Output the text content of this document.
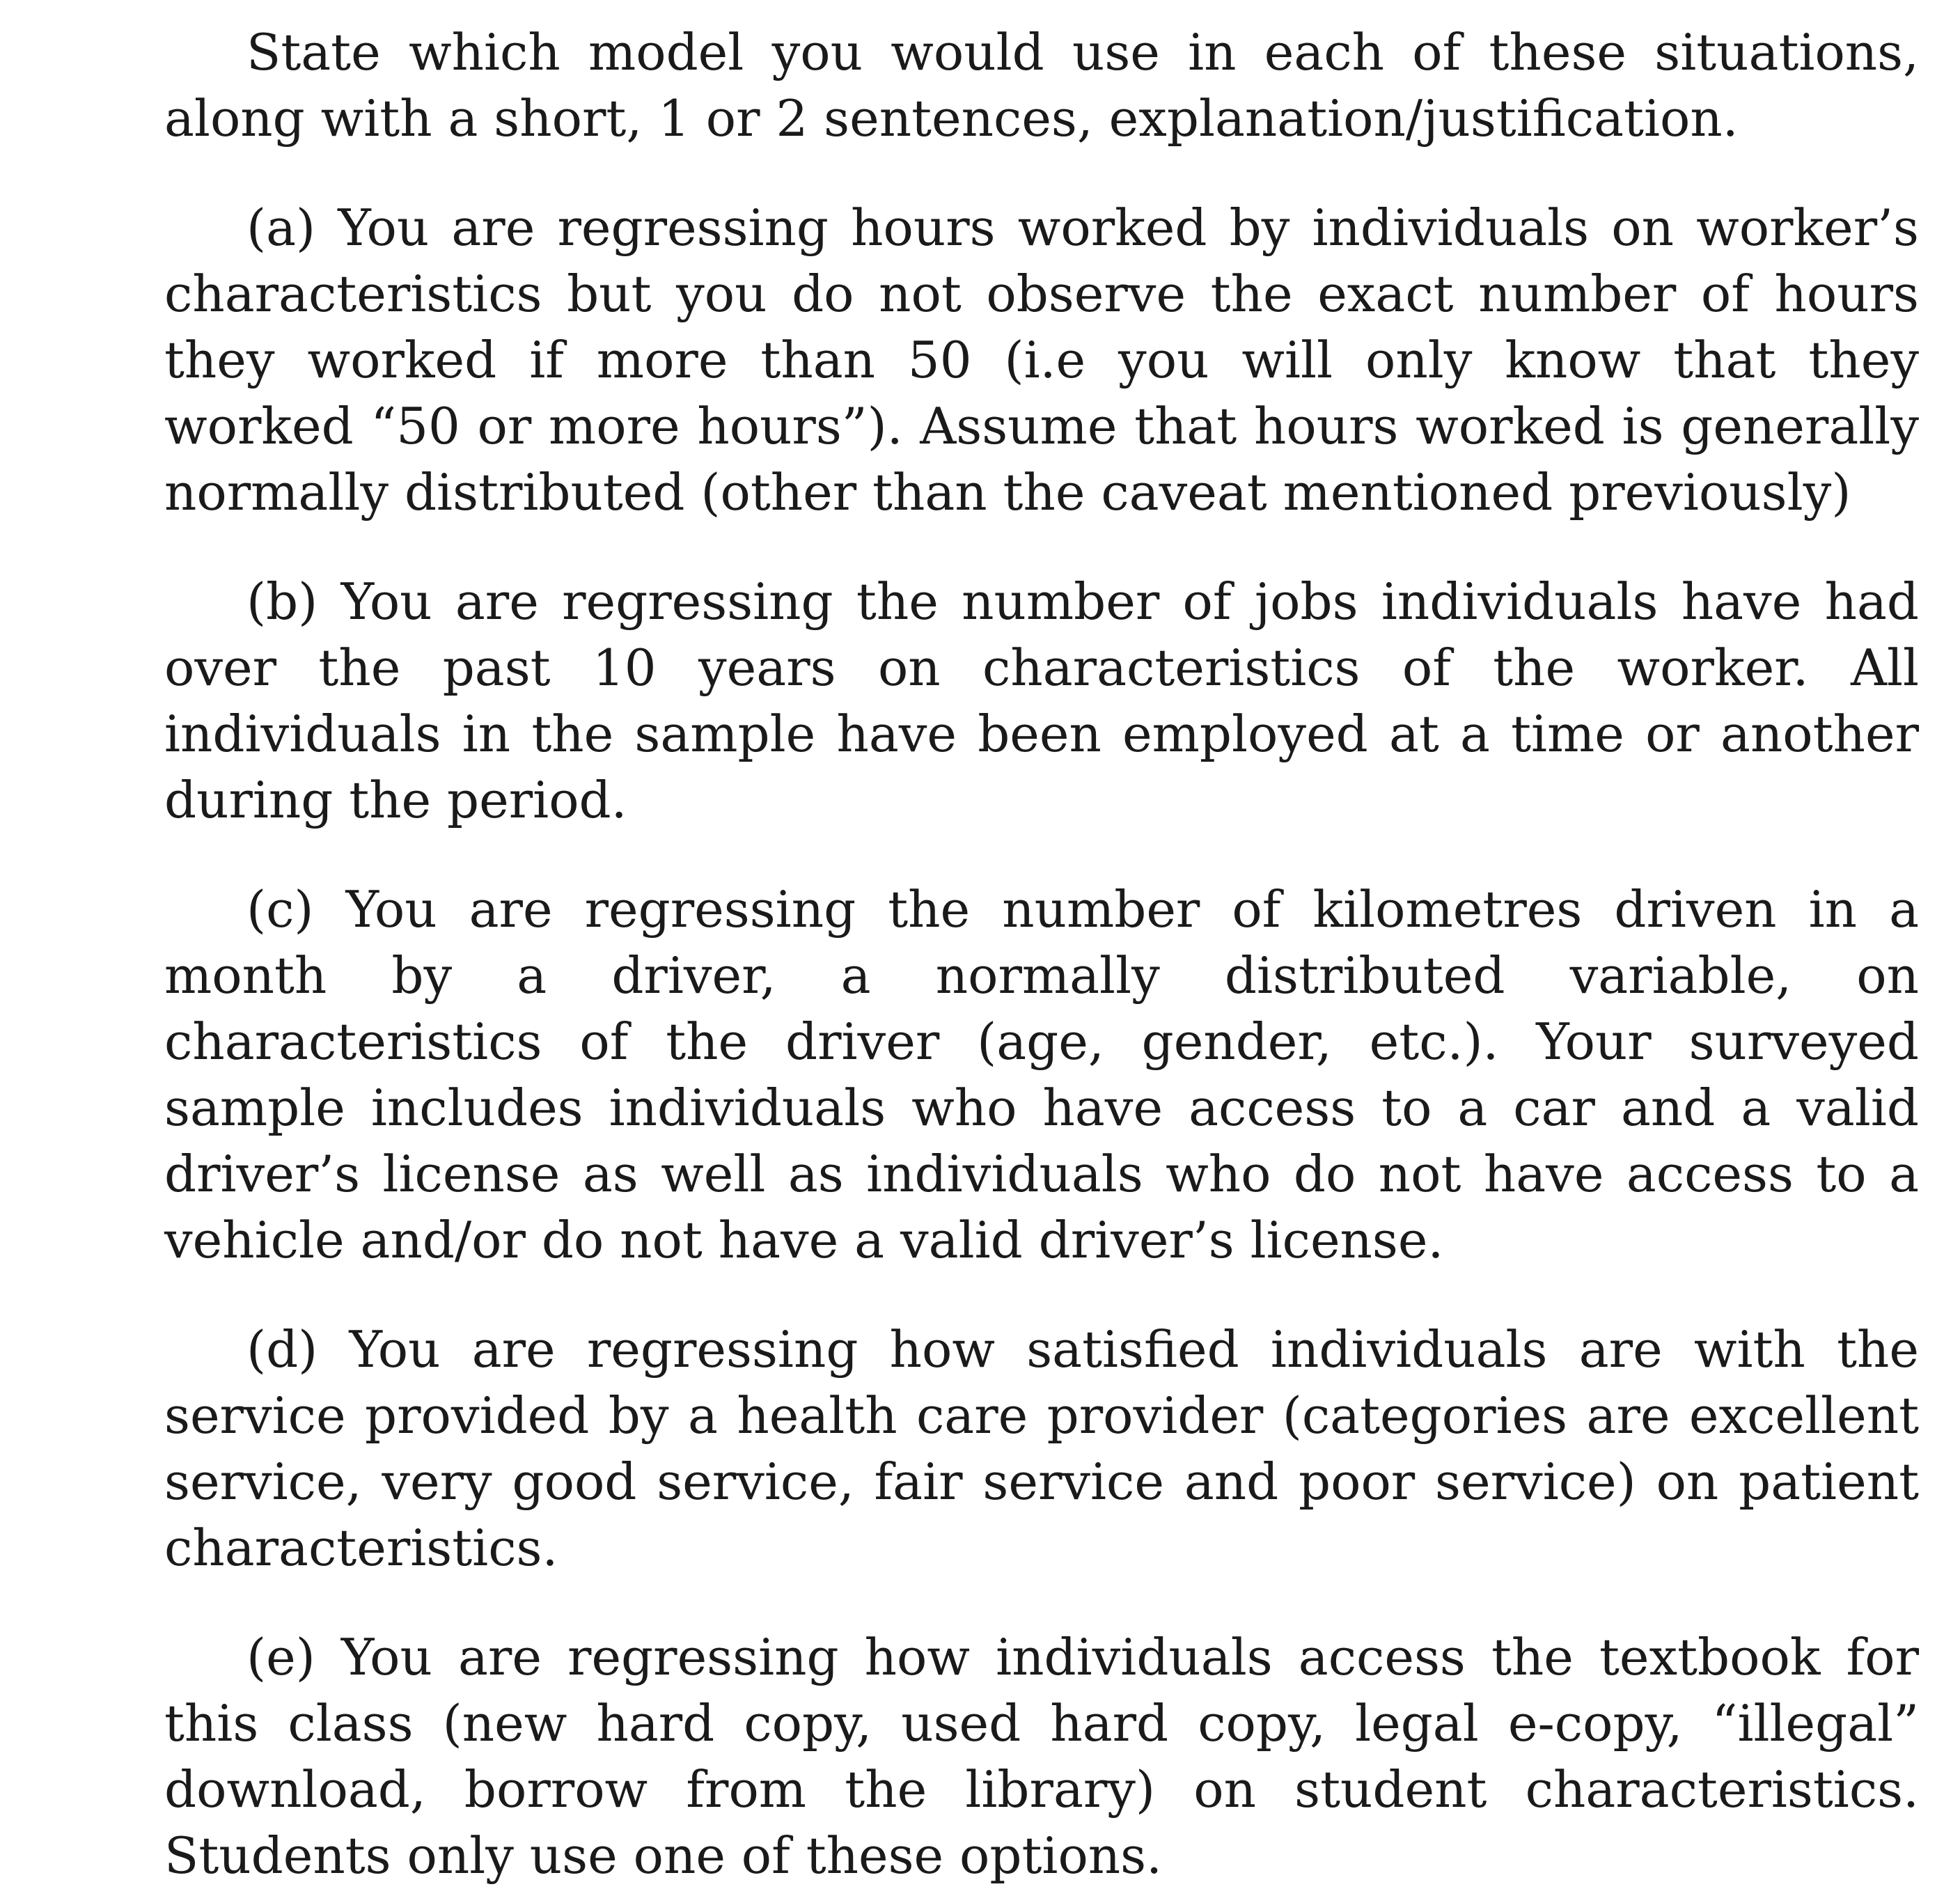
State which model you would use in each of these situations, along with a short, 1 or 2 sentences, explanation/justification.

(a) You are regressing hours worked by individuals on worker’s characteristics but you do not observe the exact number of hours they worked if more than 50 (i.e you will only know that they worked “50 or more hours”). Assume that hours worked is generally normally distributed (other than the caveat mentioned previously)

(b) You are regressing the number of jobs individuals have had over the past 10 years on characteristics of the worker. All individuals in the sample have been employed at a time or another during the period.

(c) You are regressing the number of kilometres driven in a month by a driver, a normally distributed variable, on characteristics of the driver (age, gender, etc.). Your surveyed sample includes individuals who have access to a car and a valid driver’s license as well as individuals who do not have access to a vehicle and/or do not have a valid driver’s license.

(d) You are regressing how satisfied individuals are with the service provided by a health care provider (categories are excellent service, very good service, fair service and poor service) on patient characteristics.

(e) You are regressing how individuals access the textbook for this class (new hard copy, used hard copy, legal e-copy, “illegal” download, borrow from the library) on student characteristics. Students only use one of these options.
